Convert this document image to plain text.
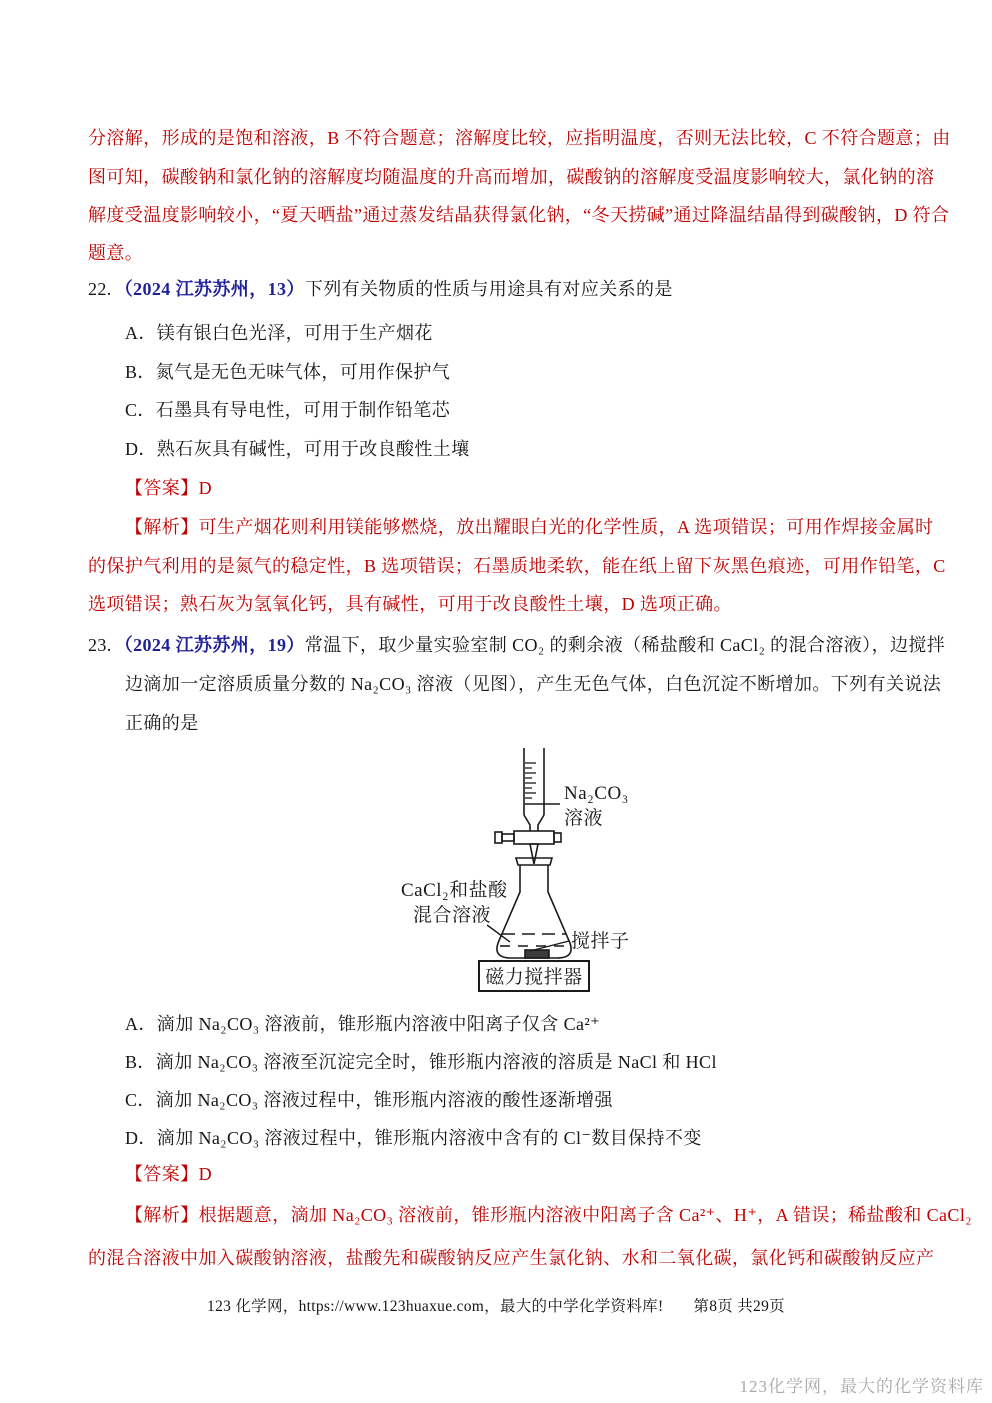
分溶解，形成的是饱和溶液，B 不符合题意；溶解度比较，应指明温度，否则无法比较，C 不符合题意；由
图可知，碳酸钠和氯化钠的溶解度均随温度的升高而增加，碳酸钠的溶解度受温度影响较大，氯化钠的溶
解度受温度影响较小，“夏天晒盐”通过蒸发结晶获得氯化钠，“冬天捞碱”通过降温结晶得到碳酸钠，D 符合
题意。
22. （2024 江苏苏州，13）下列有关物质的性质与用途具有对应关系的是
A．镁有银白色光泽，可用于生产烟花
B．氮气是无色无味气体，可用作保护气
C．石墨具有导电性，可用于制作铅笔芯
D．熟石灰具有碱性，可用于改良酸性土壤
【答案】D
【解析】可生产烟花则利用镁能够燃烧，放出耀眼白光的化学性质，A 选项错误；可用作焊接金属时
的保护气利用的是氮气的稳定性，B 选项错误；石墨质地柔软，能在纸上留下灰黑色痕迹，可用作铅笔，C
选项错误；熟石灰为氢氧化钙，具有碱性，可用于改良酸性土壤，D 选项正确。
23. （2024 江苏苏州，19）常温下，取少量实验室制 CO₂ 的剩余液（稀盐酸和 CaCl₂ 的混合溶液），边搅拌
边滴加一定溶质质量分数的 Na₂CO₃ 溶液（见图），产生无色气体，白色沉淀不断增加。下列有关说法
正确的是
Na₂CO₃
溶液
CaCl₂和盐酸
混合溶液
搅拌子
磁力搅拌器
A．滴加 Na₂CO₃ 溶液前，锥形瓶内溶液中阳离子仅含 Ca²⁺
B．滴加 Na₂CO₃ 溶液至沉淀完全时，锥形瓶内溶液的溶质是 NaCl 和 HCl
C．滴加 Na₂CO₃ 溶液过程中，锥形瓶内溶液的酸性逐渐增强
D．滴加 Na₂CO₃ 溶液过程中，锥形瓶内溶液中含有的 Cl⁻数目保持不变
【答案】D
【解析】根据题意，滴加 Na₂CO₃ 溶液前，锥形瓶内溶液中阳离子含 Ca²⁺、H⁺，A 错误；稀盐酸和 CaCl₂
的混合溶液中加入碳酸钠溶液，盐酸先和碳酸钠反应产生氯化钠、水和二氧化碳，氯化钙和碳酸钠反应产
123 化学网，https://www.123huaxue.com，最大的中学化学资料库! 第8页 共29页
123化学网，最大的化学资料库
